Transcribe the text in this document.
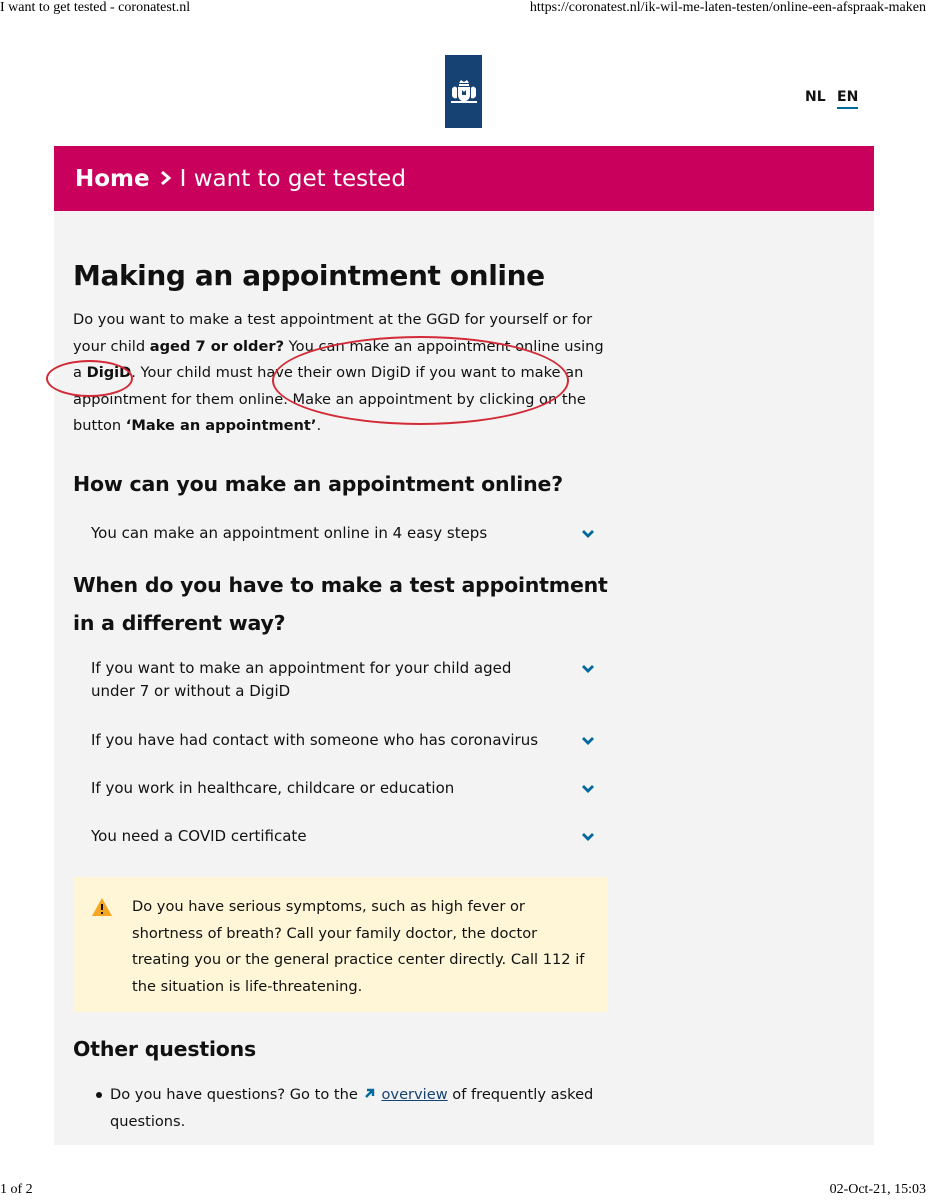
I want to get tested - coronatest.nl	https://coronatest.nl/ik-wil-me-laten-testen/online-een-afspraak-maken
1 of 2	02-Oct-21, 15:03
NL EN
Home I want to get tested
Making an appointment online
Do you want to make a test appointment at the GGD for yourself or for your child aged 7 or older? You can make an appointment online using a DigiD. Your child must have their own DigiD if you want to make an appointment for them online. Make an appointment by clicking on the button ‘Make an appointment’.
How can you make an appointment online?
You can make an appointment online in 4 easy steps
When do you have to make a test appointment in a different way?
If you want to make an appointment for your child aged under 7 or without a DigiD
If you have had contact with someone who has coronavirus
If you work in healthcare, childcare or education
You need a COVID certificate
Do you have serious symptoms, such as high fever or shortness of breath? Call your family doctor, the doctor treating you or the general practice center directly. Call 112 if the situation is life-threatening.
Other questions
Do you have questions? Go to the overview of frequently asked questions.
